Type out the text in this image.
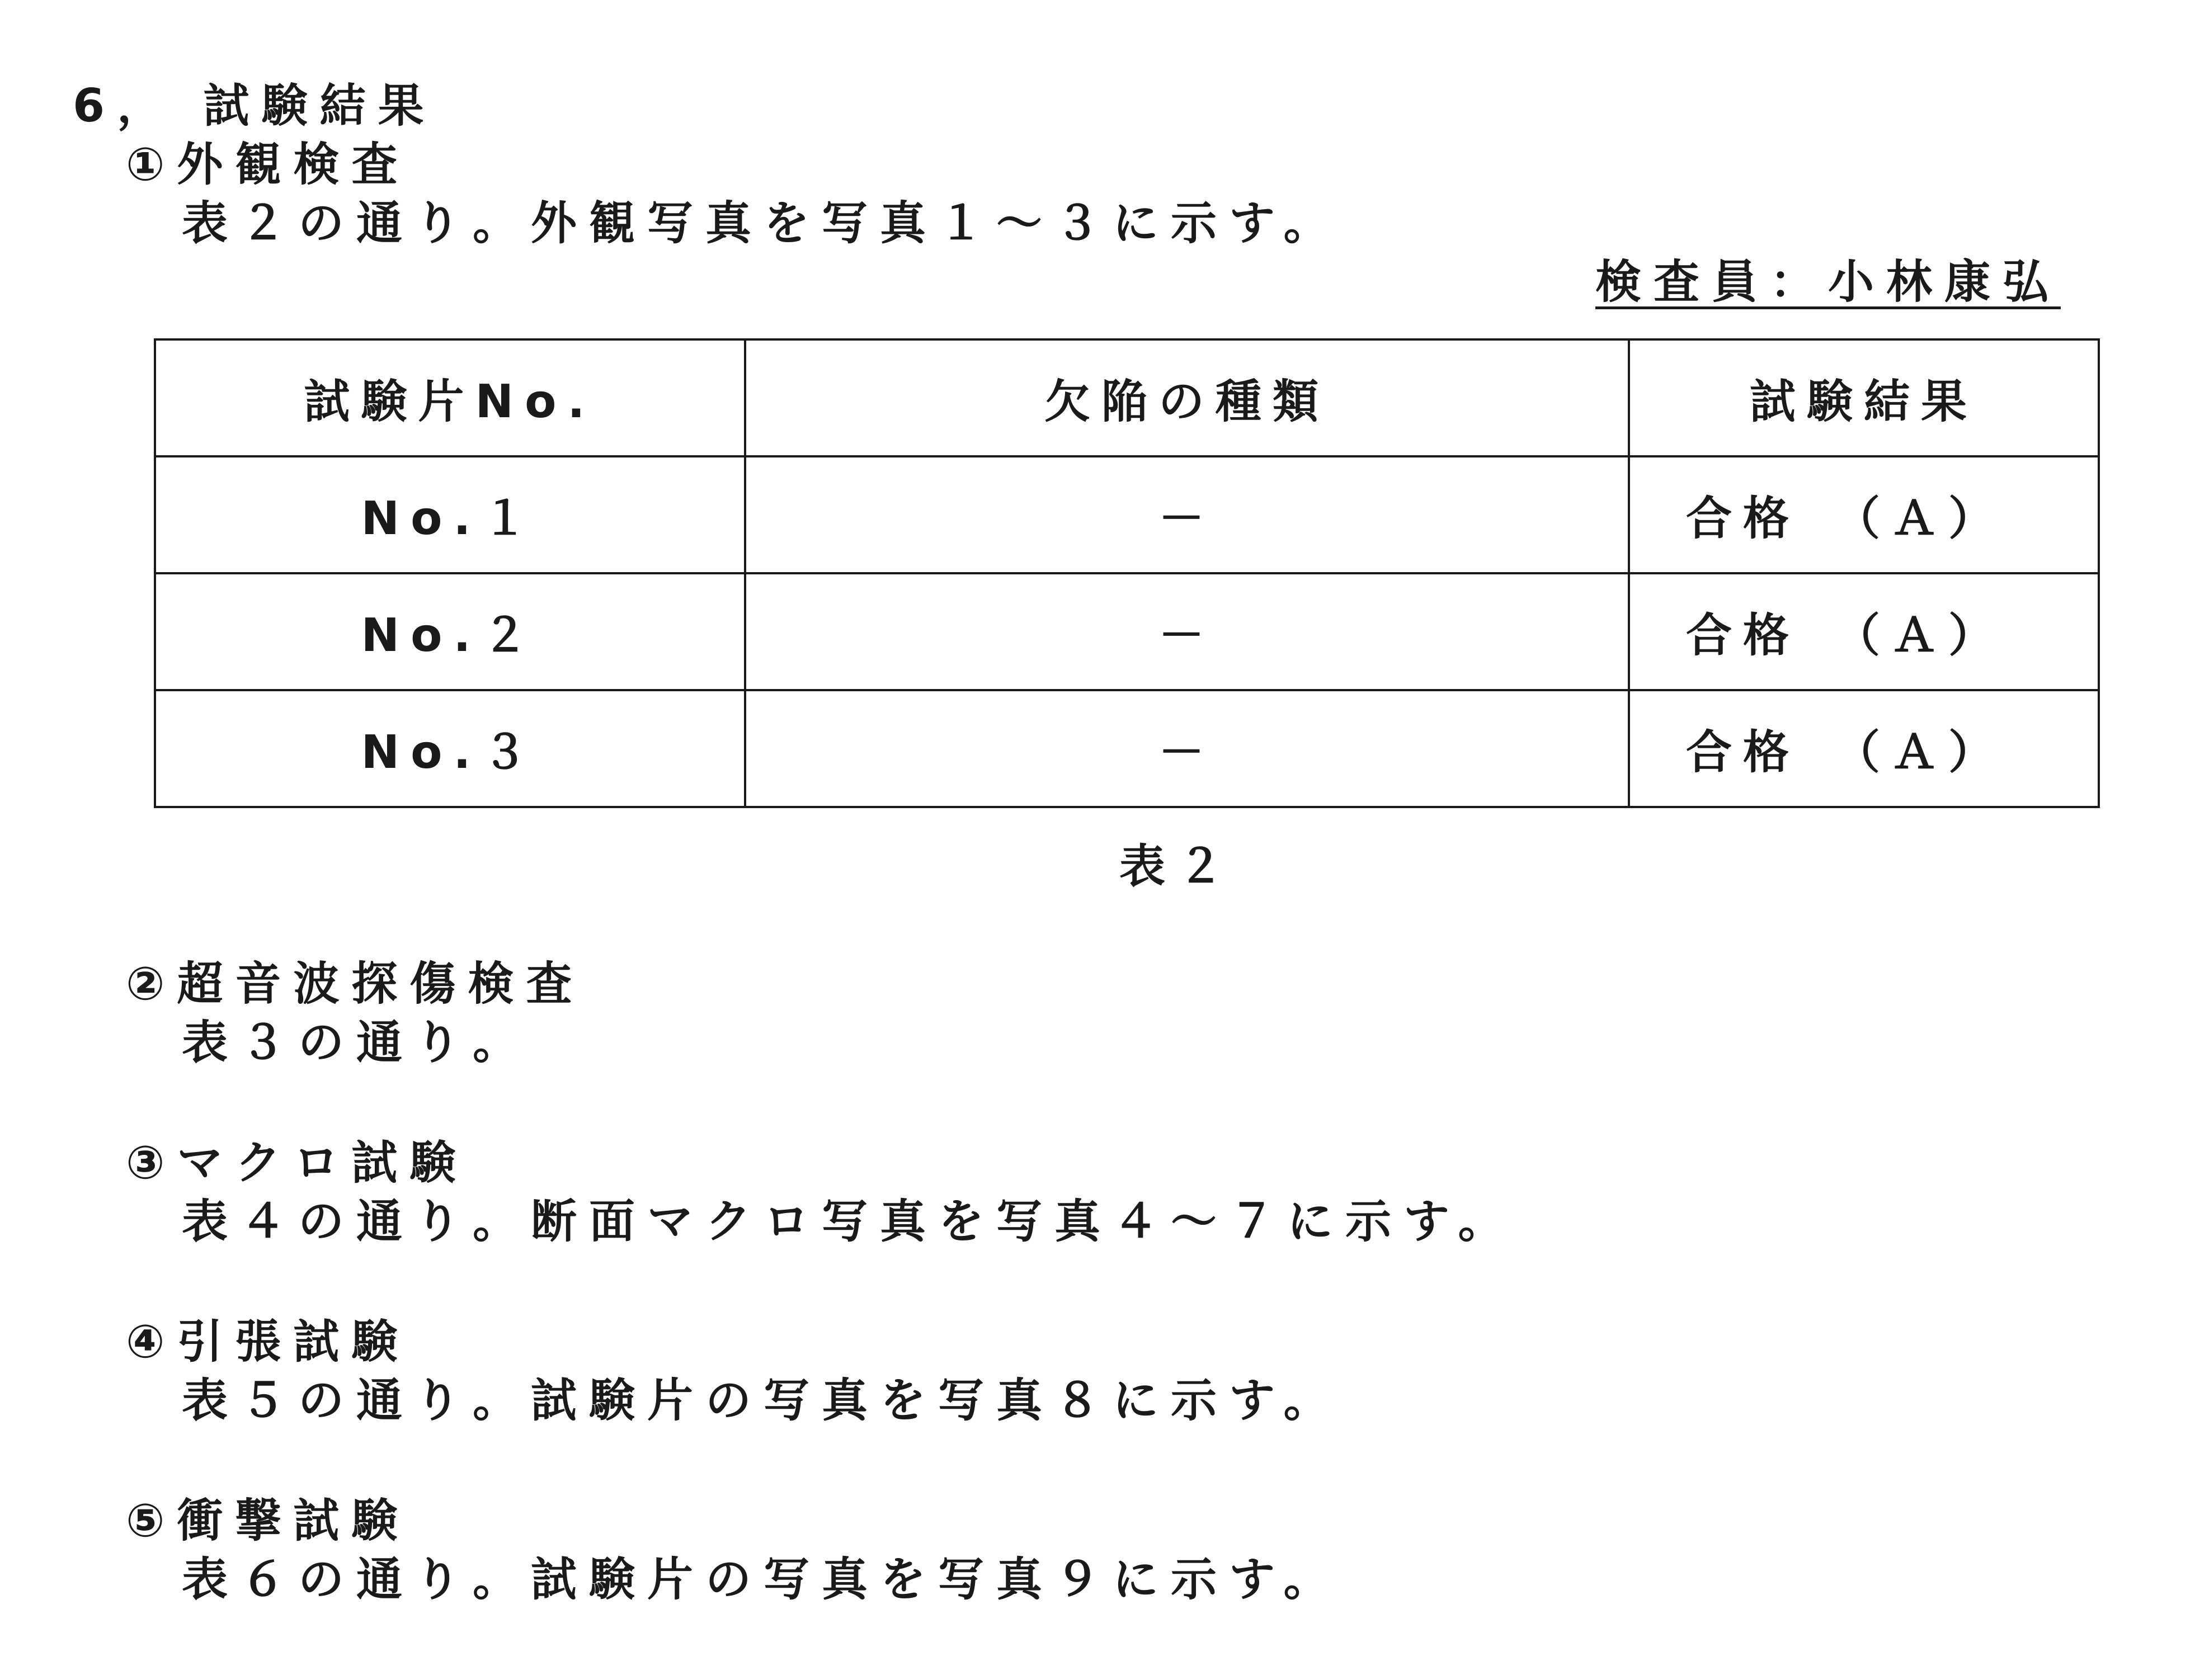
6， 試験結果
①外観検査
表２の通り。外観写真を写真１～３に示す。
検査員：小林康弘
試験片No.	欠陥の種類	試験結果
No.１	－	合格　（Ａ）
No.２	－	合格　（Ａ）
No.３	－	合格　（Ａ）
表２
②超音波探傷検査
表３の通り。
③マクロ試験
表４の通り。断面マクロ写真を写真４～７に示す。
④引張試験
表５の通り。試験片の写真を写真８に示す。
⑤衝撃試験
表６の通り。試験片の写真を写真９に示す。
